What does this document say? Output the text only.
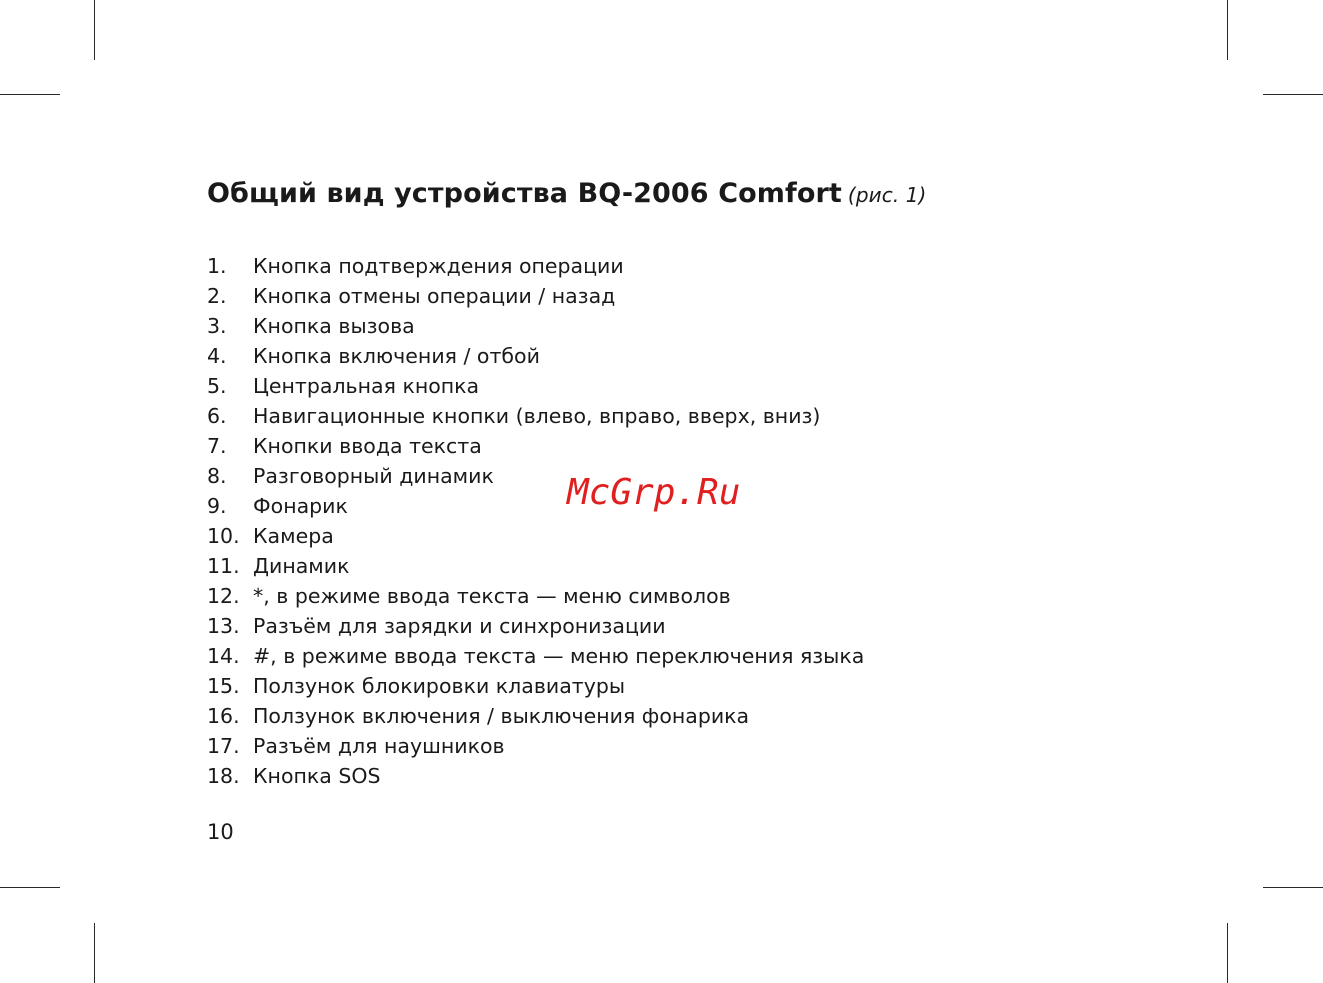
Общий вид устройства BQ-2006 Comfort (рис. 1)
1.	Кнопка подтверждения операции
2.	Кнопка отмены операции / назад
3.	Кнопка вызова
4.	Кнопка включения / отбой
5.	Центральная кнопка
6.	Навигационные кнопки (влево, вправо, вверх, вниз)
7.	Кнопки ввода текста
8.	Разговорный динамик
9.	Фонарик
10. Камера
11. Динамик
12. *, в режиме ввода текста — меню символов
13. Разъём для зарядки и синхронизации
14. #, в режиме ввода текста — меню переключения языка
15. Ползунок блокировки клавиатуры
16. Ползунок включения / выключения фонарика
17. Разъём для наушников
18. Кнопка SOS
McGrp.Ru
10
